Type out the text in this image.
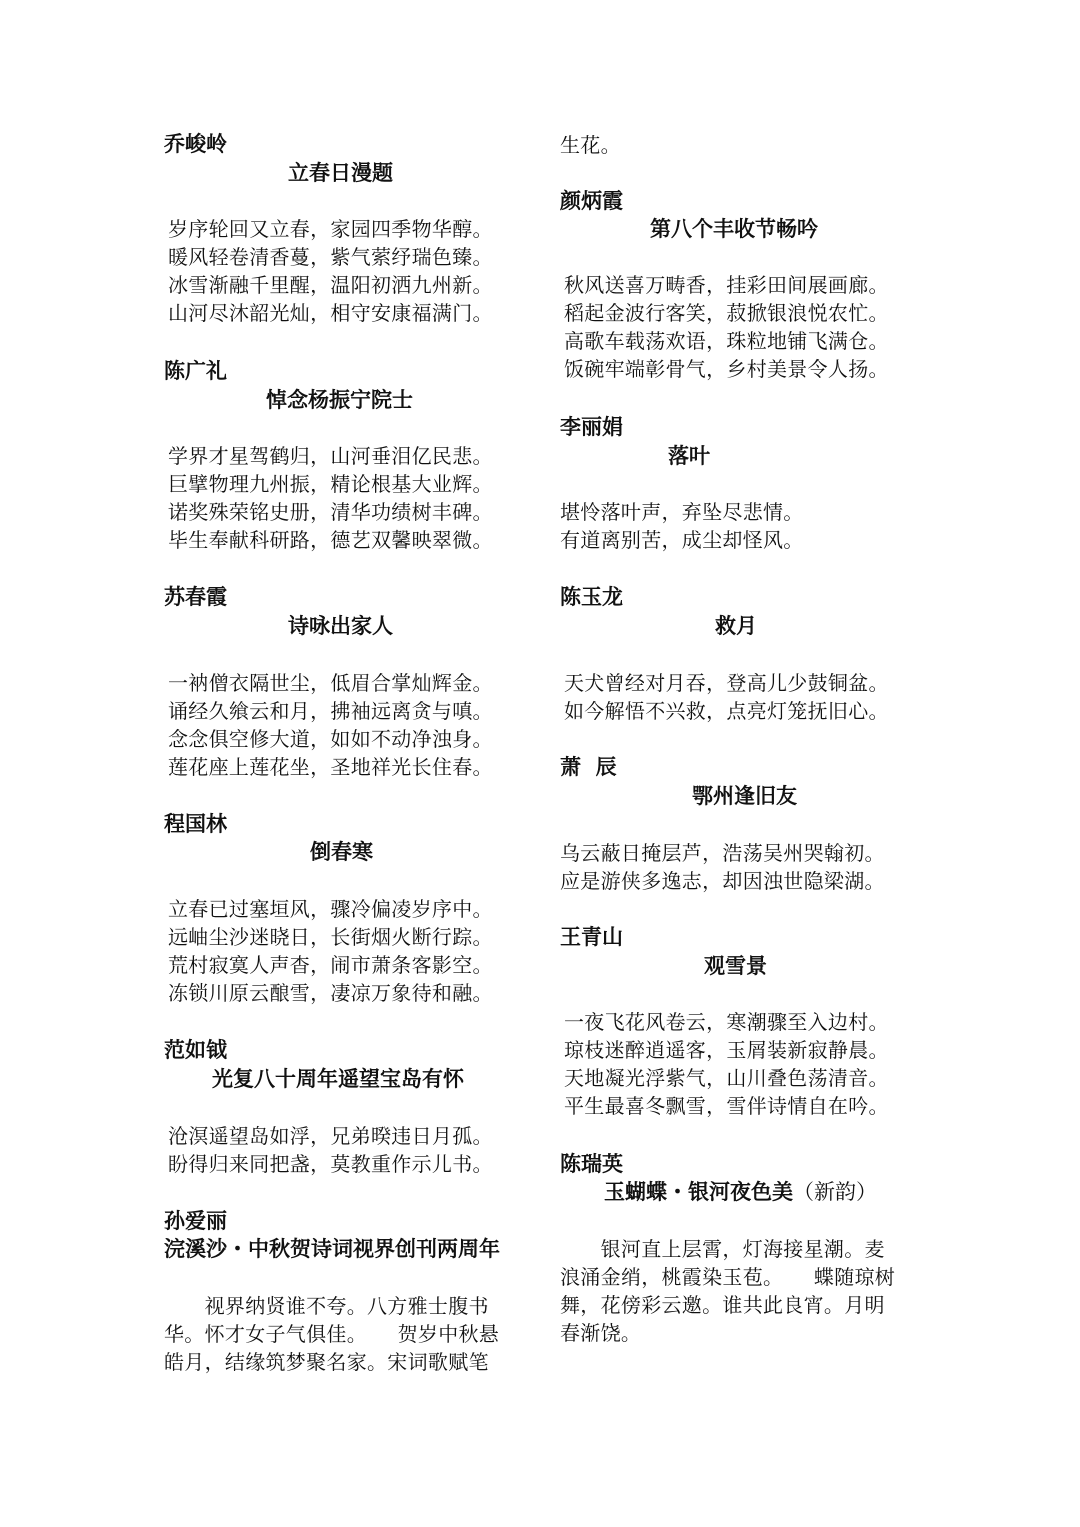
乔峻岭
立春日漫题
岁序轮回又立春，家园四季物华醇。
暖风轻卷清香蔓，紫气萦纾瑞色臻。
冰雪渐融千里醒，温阳初洒九州新。
山河尽沐韶光灿，相守安康福满门。
陈广礼
悼念杨振宁院士
学界才星驾鹤归，山河垂泪亿民悲。
巨擘物理九州振，精论根基大业辉。
诺奖殊荣铭史册，清华功绩树丰碑。
毕生奉献科研路，德艺双馨映翠微。
苏春霞
诗咏出家人
一衲僧衣隔世尘，低眉合掌灿辉金。
诵经久飨云和月，拂袖远离贪与嗔。
念念俱空修大道，如如不动净浊身。
莲花座上莲花坐，圣地祥光长住春。
程国林
倒春寒
立春已过塞垣风，骤冷偏凌岁序中。
远岫尘沙迷晓日，长街烟火断行踪。
荒村寂寞人声杳，闹市萧条客影空。
冻锁川原云酿雪，凄凉万象待和融。
范如钺
光复八十周年遥望宝岛有怀
沧溟遥望岛如浮，兄弟暌违日月孤。
盼得归来同把盏，莫教重作示儿书。
孙爱丽
浣溪沙・中秋贺诗词视界创刊两周年
　　视界纳贤谁不夸。八方雅士腹书
华。怀才女子气俱佳。　　贺岁中秋悬
皓月，结缘筑梦聚名家。宋词歌赋笔
生花。
颜炳霞
第八个丰收节畅吟
秋风送喜万畴香，挂彩田间展画廊。
稻起金波行客笑，菽掀银浪悦农忙。
高歌车载荡欢语，珠粒地铺飞满仓。
饭碗牢端彰骨气，乡村美景令人扬。
李丽娟
落叶
堪怜落叶声，弃坠尽悲情。
有道离别苦，成尘却怪风。
陈玉龙
救月
天犬曾经对月吞，登高儿少鼓铜盆。
如今解悟不兴救，点亮灯笼抚旧心。
萧  辰
鄂州逢旧友
乌云蔽日掩层芦，浩荡吴州哭翰初。
应是游侠多逸志，却因浊世隐梁湖。
王青山
观雪景
一夜飞花风卷云，寒潮骤至入边村。
琼枝迷醉逍遥客，玉屑装新寂静晨。
天地凝光浮紫气，山川叠色荡清音。
平生最喜冬飘雪，雪伴诗情自在吟。
陈瑞英
玉蝴蝶・银河夜色美（新韵）
　　银河直上层霄，灯海接星潮。麦
浪涌金绡，桃霞染玉苞。　　蝶随琼树
舞，花傍彩云邀。谁共此良宵。月明
春渐饶。
